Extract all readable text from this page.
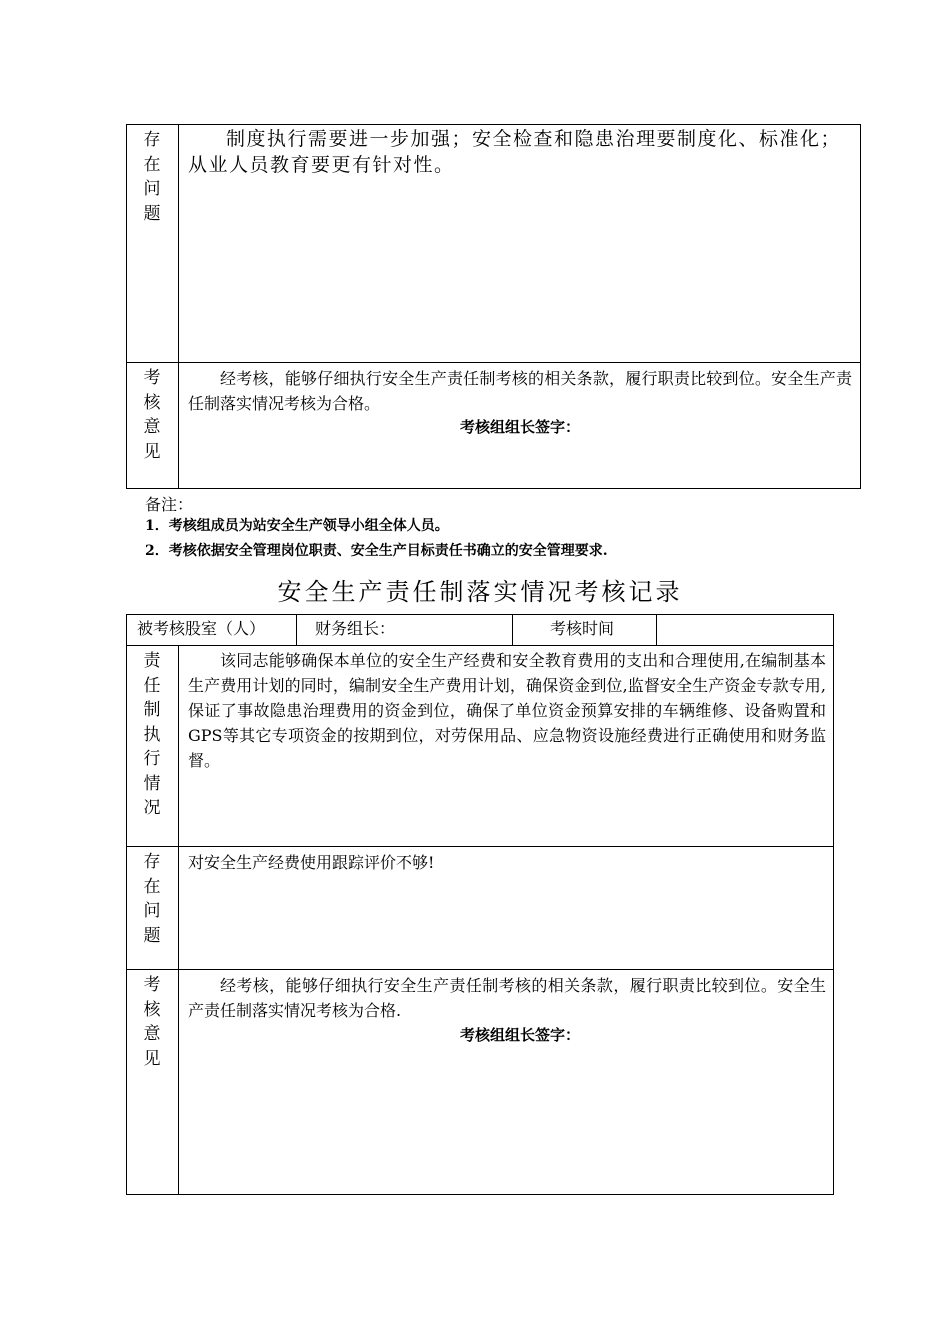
存在问题
制度执行需要进一步加强；安全检查和隐患治理要制度化、标准化；从业人员教育要更有针对性。
考核意见
经考核，能够仔细执行安全生产责任制考核的相关条款，履行职责比较到位。安全生产责任制落实情况考核为合格。
考核组组长签字：
备注：
1．考核组成员为站安全生产领导小组全体人员。
2．考核依据安全管理岗位职责、安全生产目标责任书确立的安全管理要求.
安全生产责任制落实情况考核记录
被考核股室（人）	财务组长：	考核时间
责任制执行情况
该同志能够确保本单位的安全生产经费和安全教育费用的支出和合理使用,在编制基本生产费用计划的同时，编制安全生产费用计划，确保资金到位,监督安全生产资金专款专用,保证了事故隐患治理费用的资金到位，确保了单位资金预算安排的车辆维修、设备购置和GPS等其它专项资金的按期到位，对劳保用品、应急物资设施经费进行正确使用和财务监督。
存在问题
对安全生产经费使用跟踪评价不够!
考核意见
经考核，能够仔细执行安全生产责任制考核的相关条款，履行职责比较到位。安全生产责任制落实情况考核为合格.
考核组组长签字：
